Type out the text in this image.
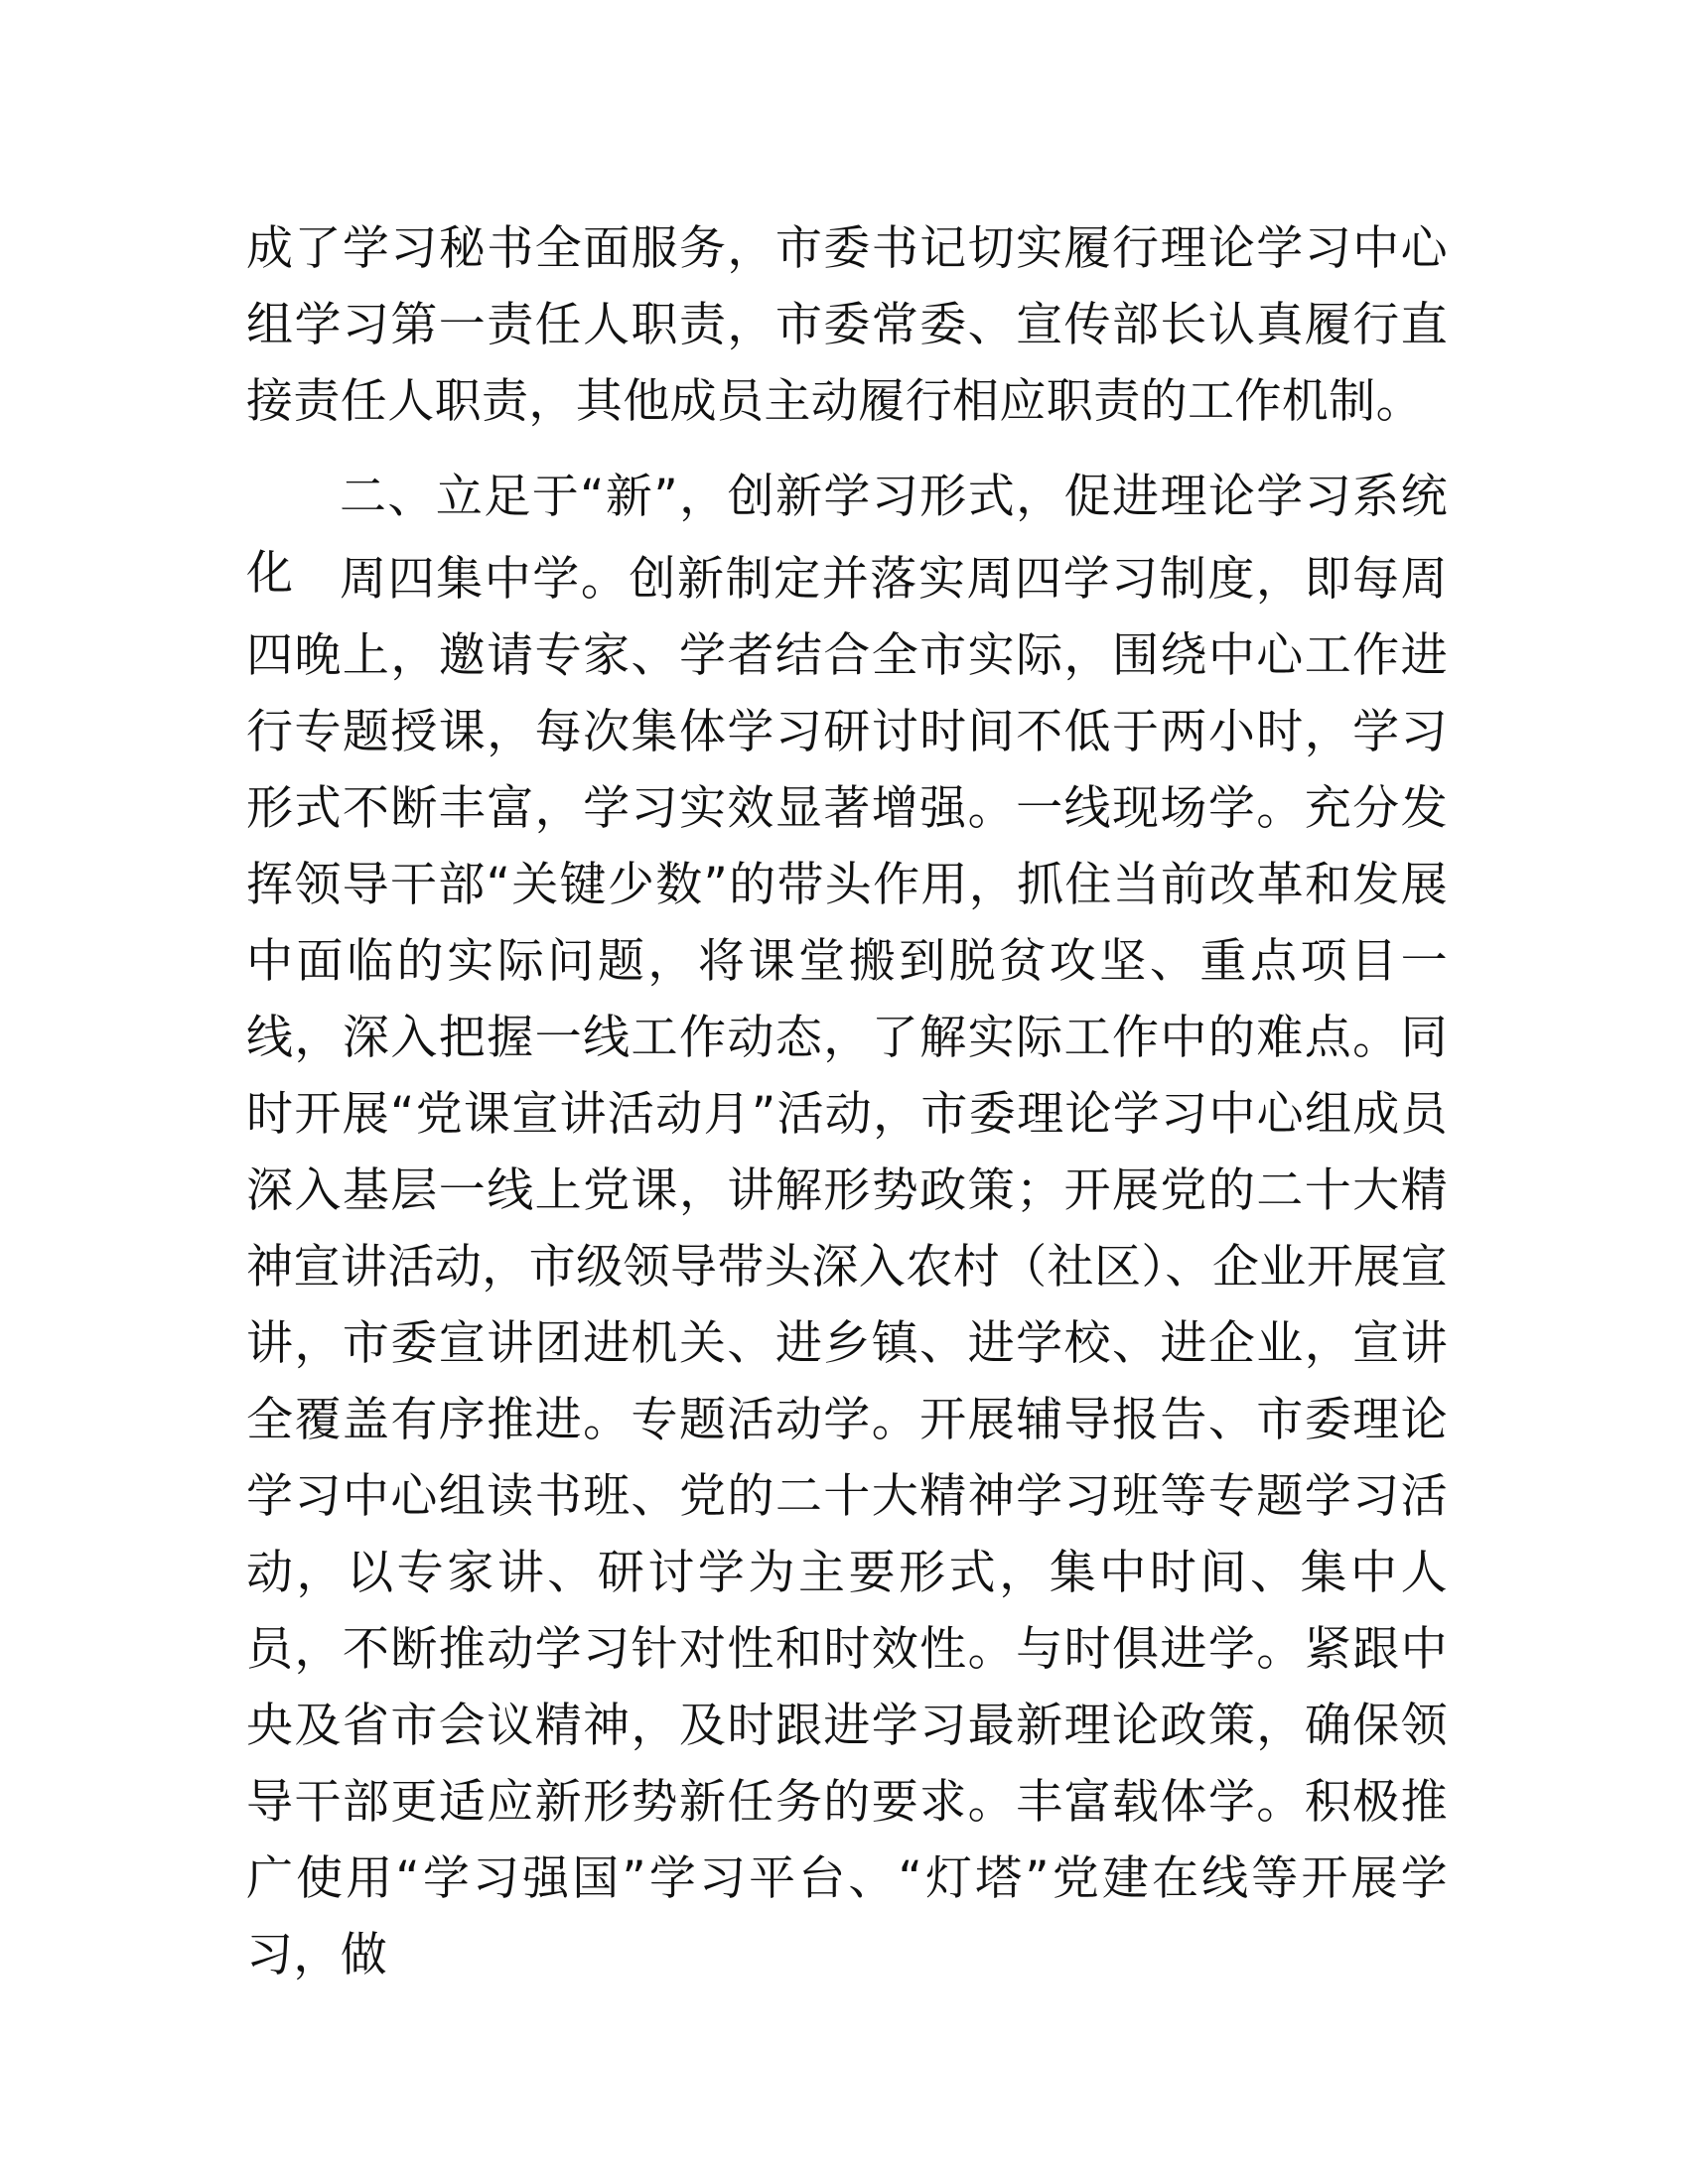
成了学习秘书全面服务，市委书记切实履行理论学习中心组学习第一责任人职责，市委常委、宣传部长认真履行直接责任人职责，其他成员主动履行相应职责的工作机制。

二、立足于“新”，创新学习形式，促进理论学习系统化 周四集中学。创新制定并落实周四学习制度，即每周四晚上，邀请专家、学者结合全市实际，围绕中心工作进行专题授课，每次集体学习研讨时间不低于两小时，学习形式不断丰富，学习实效显著增强。一线现场学。充分发挥领导干部“关键少数”的带头作用，抓住当前改革和发展中面临的实际问题，将课堂搬到脱贫攻坚、重点项目一线，深入把握一线工作动态，了解实际工作中的难点。同时开展“党课宣讲活动月”活动，市委理论学习中心组成员深入基层一线上党课，讲解形势政策；开展党的二十大精神宣讲活动，市级领导带头深入农村（社区）、企业开展宣讲，市委宣讲团进机关、进乡镇、进学校、进企业，宣讲全覆盖有序推进。专题活动学。开展辅导报告、市委理论学习中心组读书班、党的二十大精神学习班等专题学习活动，以专家讲、研讨学为主要形式，集中时间、集中人员，不断推动学习针对性和时效性。与时俱进学。紧跟中央及省市会议精神，及时跟进学习最新理论政策，确保领导干部更适应新形势新任务的要求。丰富载体学。积极推广使用“学习强国”学习平台、“灯塔”党建在线等开展学习，做
